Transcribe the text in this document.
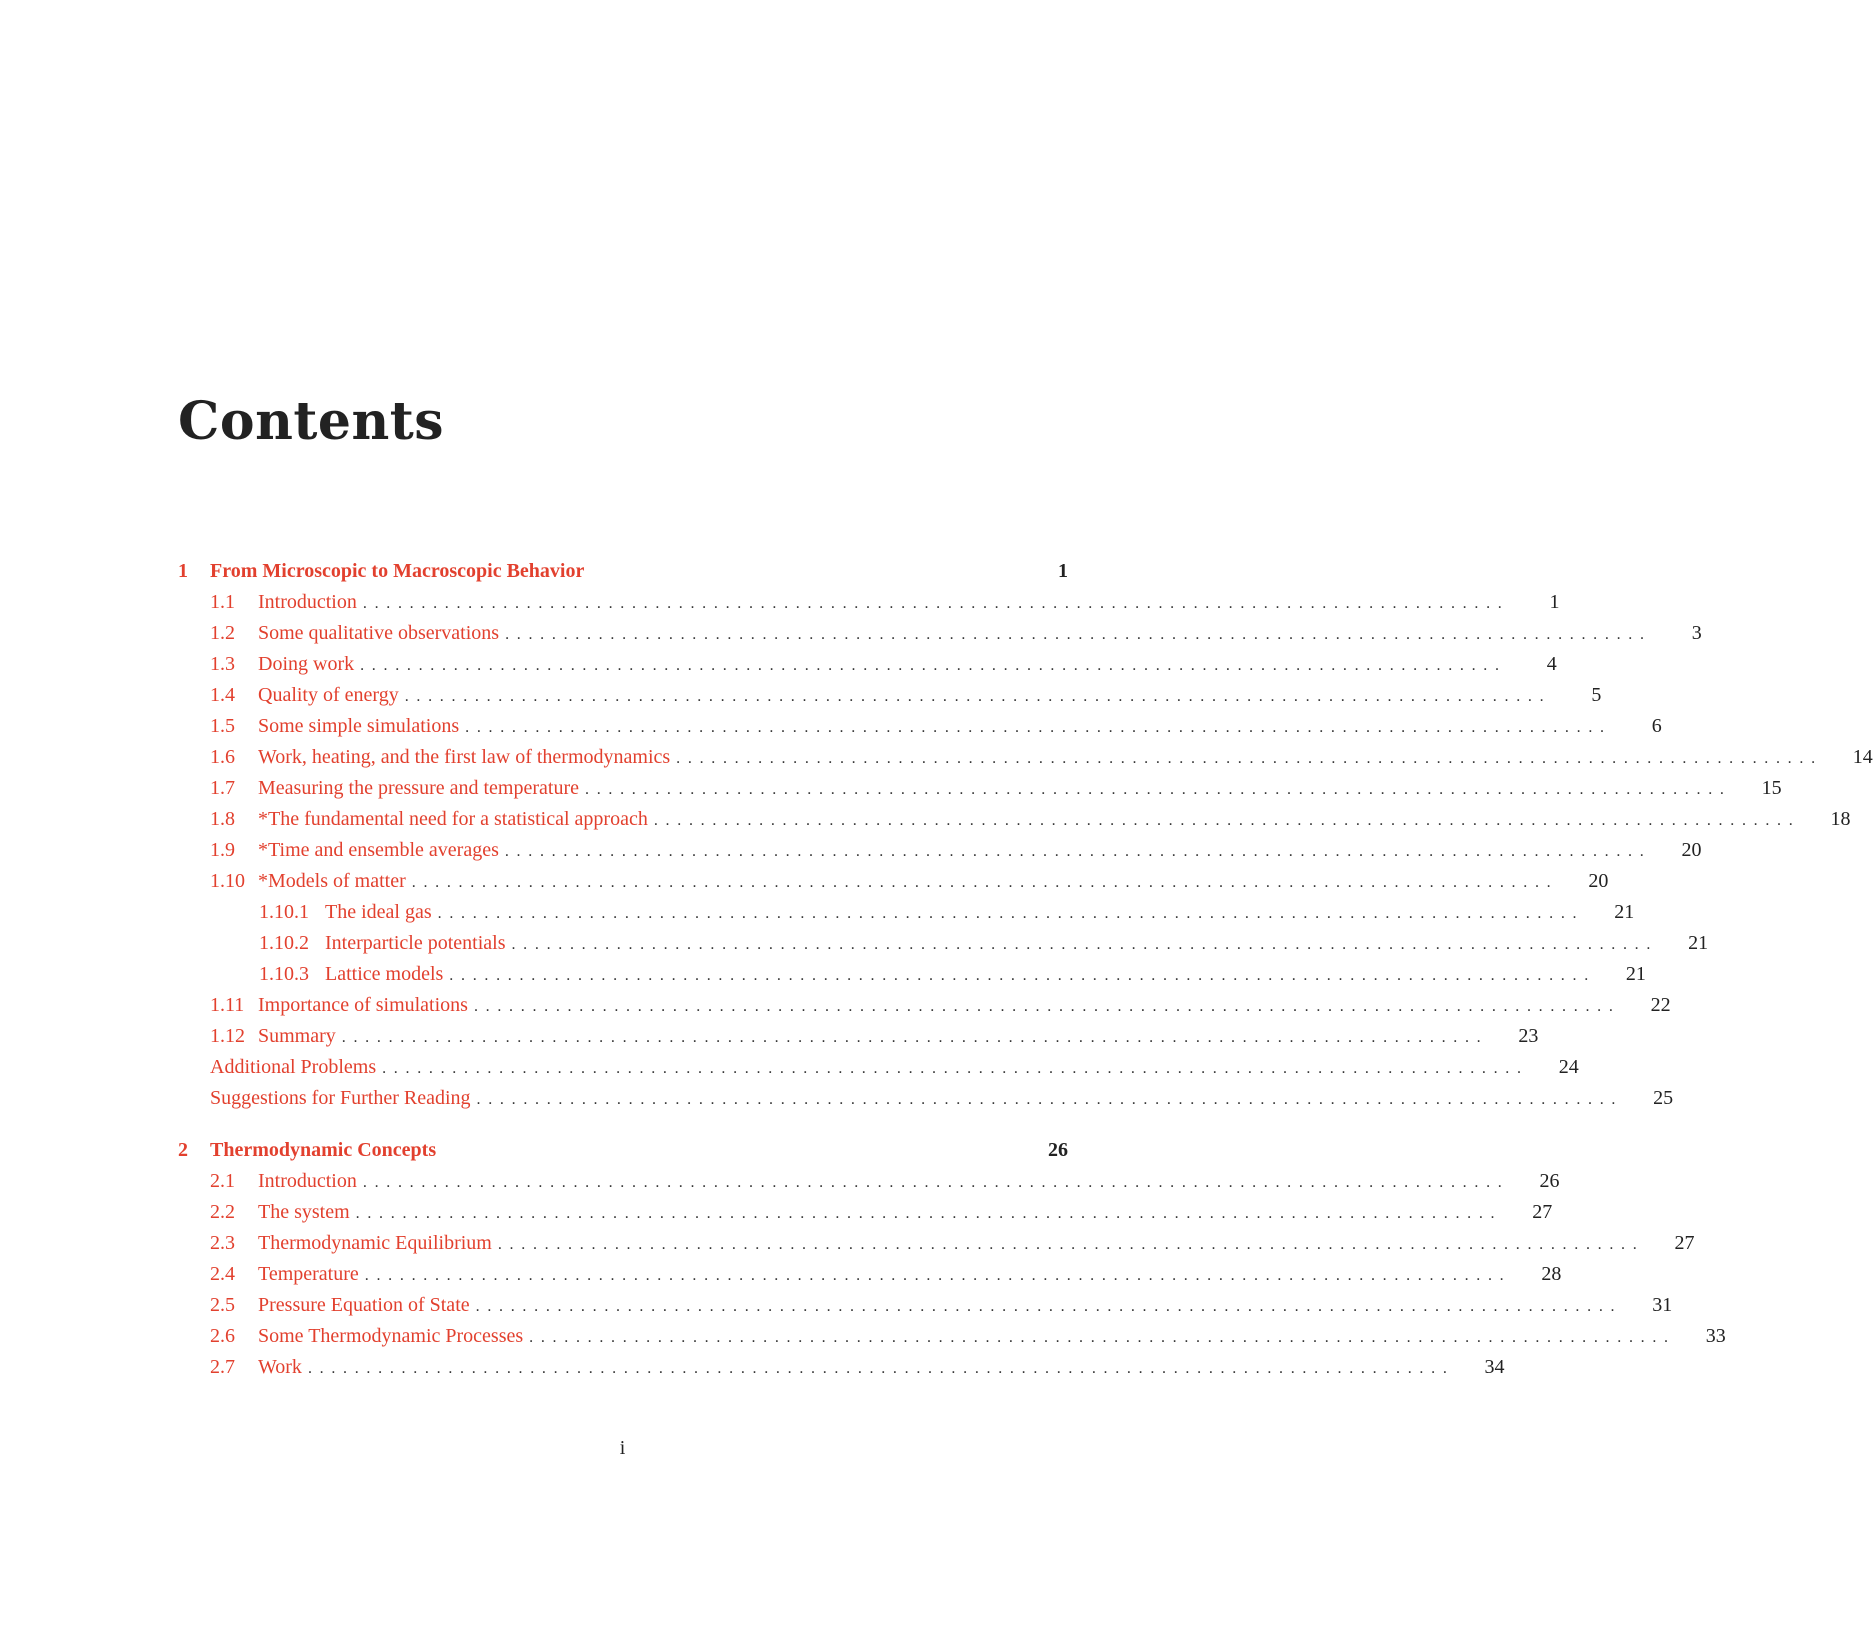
Contents
1	From Microscopic to Macroscopic Behavior	1
1.1	Introduction ..................................................................................................	1
1.2	Some qualitative observations ..................................................................................................	3
1.3	Doing work ..................................................................................................	4
1.4	Quality of energy ..................................................................................................	5
1.5	Some simple simulations ..................................................................................................	6
1.6	Work, heating, and the first law of thermodynamics ..................................................................................................	14
1.7	Measuring the pressure and temperature ..................................................................................................	15
1.8	*The fundamental need for a statistical approach ..................................................................................................	18
1.9	*Time and ensemble averages ..................................................................................................	20
1.10 *Models of matter ..................................................................................................	20
1.10.1 The ideal gas ..................................................................................................	21
1.10.2 Interparticle potentials ..................................................................................................	21
1.10.3 Lattice models ..................................................................................................	21
1.11 Importance of simulations ..................................................................................................	22
1.12 Summary ..................................................................................................	23
Additional Problems ..................................................................................................	24
Suggestions for Further Reading ..................................................................................................	25
2	Thermodynamic Concepts	26
2.1	Introduction ..................................................................................................	26
2.2	The system ..................................................................................................	27
2.3	Thermodynamic Equilibrium ..................................................................................................	27
2.4	Temperature ..................................................................................................	28
2.5	Pressure Equation of State ..................................................................................................	31
2.6	Some Thermodynamic Processes ..................................................................................................	33
2.7	Work ..................................................................................................	34
i
